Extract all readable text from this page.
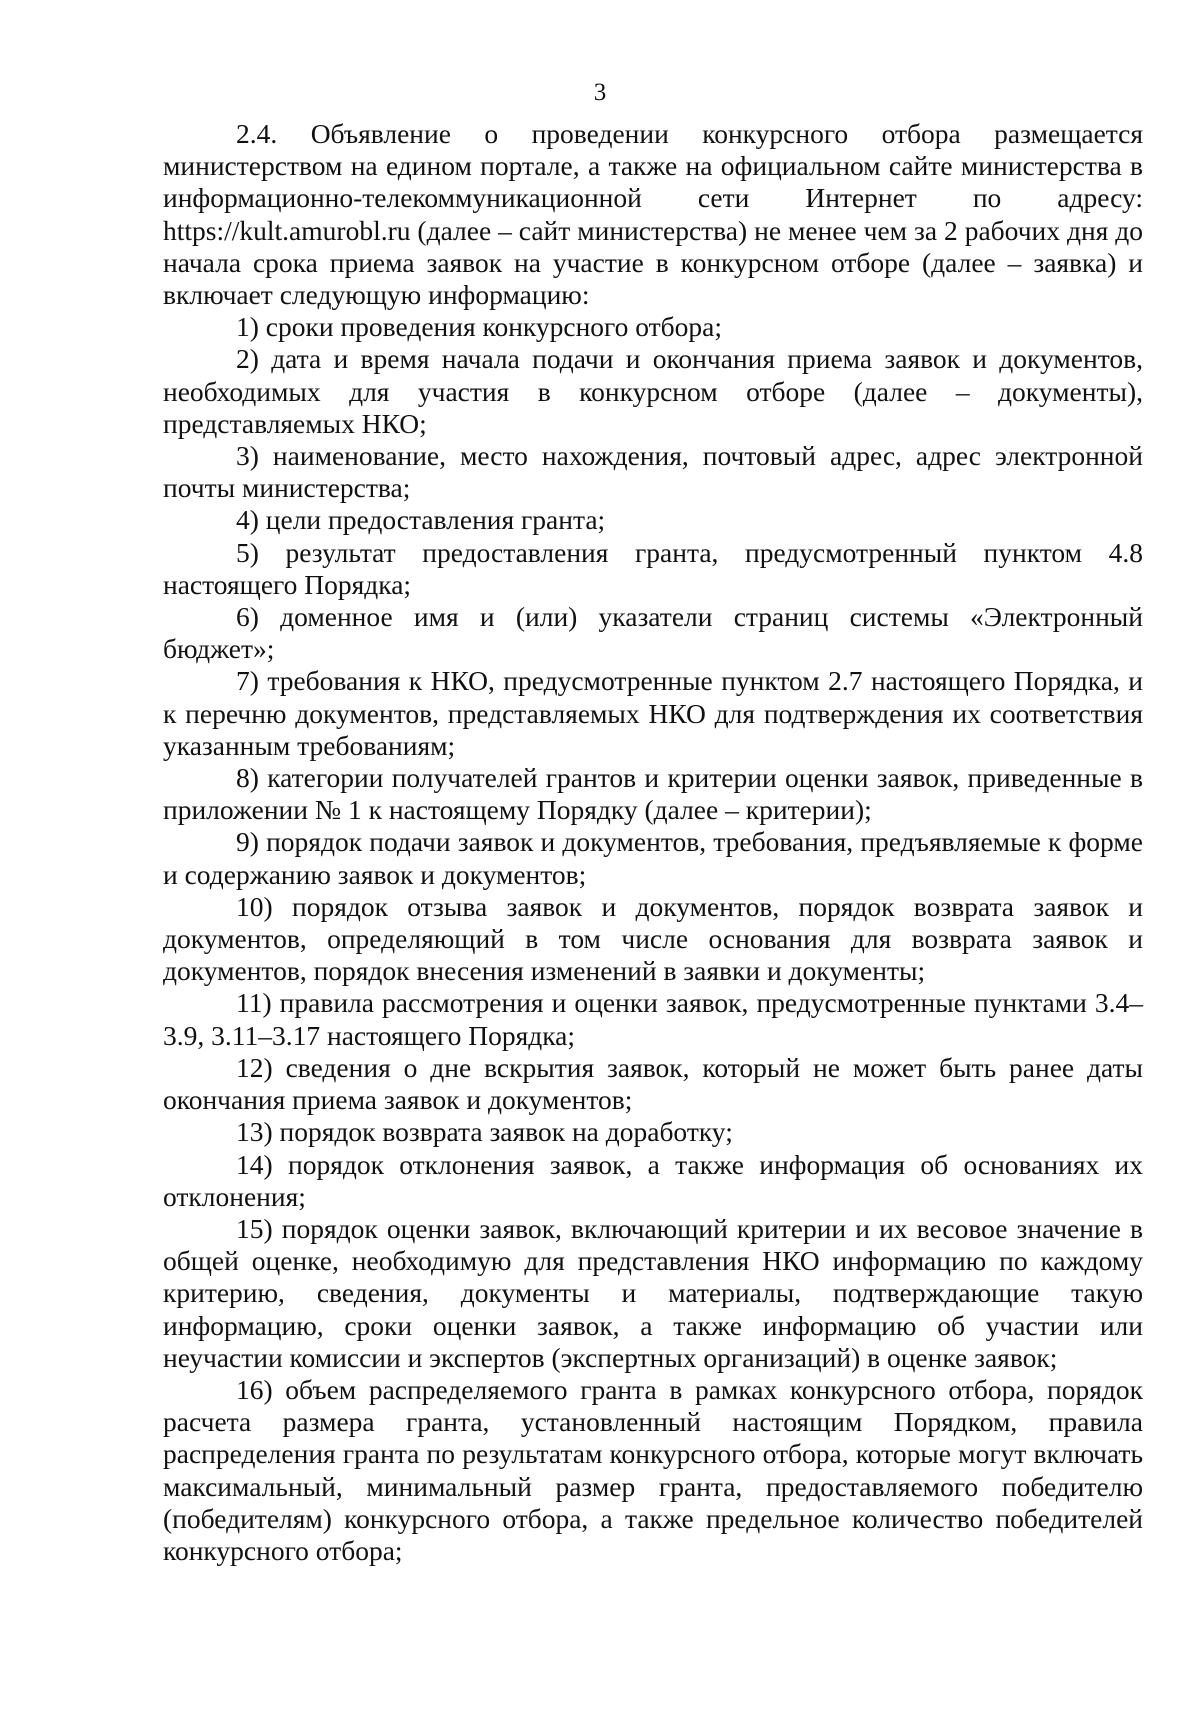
3

2.4. Объявление о проведении конкурсного отбора размещается министерством на едином портале, а также на официальном сайте министерства в информационно-телекоммуникационной сети Интернет по адресу: https://kult.amurobl.ru (далее – сайт министерства) не менее чем за 2 рабочих дня до начала срока приема заявок на участие в конкурсном отборе (далее – заявка) и включает следующую информацию:

1) сроки проведения конкурсного отбора;

2) дата и время начала подачи и окончания приема заявок и документов, необходимых для участия в конкурсном отборе (далее – документы), представляемых НКО;

3) наименование, место нахождения, почтовый адрес, адрес электронной почты министерства;

4) цели предоставления гранта;

5) результат предоставления гранта, предусмотренный пунктом 4.8 настоящего Порядка;

6) доменное имя и (или) указатели страниц системы «Электронный бюджет»;

7) требования к НКО, предусмотренные пунктом 2.7 настоящего Порядка, и к перечню документов, представляемых НКО для подтверждения их соответствия указанным требованиям;

8) категории получателей грантов и критерии оценки заявок, приведенные в приложении № 1 к настоящему Порядку (далее – критерии);

9) порядок подачи заявок и документов, требования, предъявляемые к форме и содержанию заявок и документов;

10) порядок отзыва заявок и документов, порядок возврата заявок и документов, определяющий в том числе основания для возврата заявок и документов, порядок внесения изменений в заявки и документы;

11) правила рассмотрения и оценки заявок, предусмотренные пунктами 3.4–3.9, 3.11–3.17 настоящего Порядка;

12) сведения о дне вскрытия заявок, который не может быть ранее даты окончания приема заявок и документов;

13) порядок возврата заявок на доработку;

14) порядок отклонения заявок, а также информация об основаниях их отклонения;

15) порядок оценки заявок, включающий критерии и их весовое значение в общей оценке, необходимую для представления НКО информацию по каждому критерию, сведения, документы и материалы, подтверждающие такую информацию, сроки оценки заявок, а также информацию об участии или неучастии комиссии и экспертов (экспертных организаций) в оценке заявок;

16) объем распределяемого гранта в рамках конкурсного отбора, порядок расчета размера гранта, установленный настоящим Порядком, правила распределения гранта по результатам конкурсного отбора, которые могут включать максимальный, минимальный размер гранта, предоставляемого победителю (победителям) конкурсного отбора, а также предельное количество победителей конкурсного отбора;
